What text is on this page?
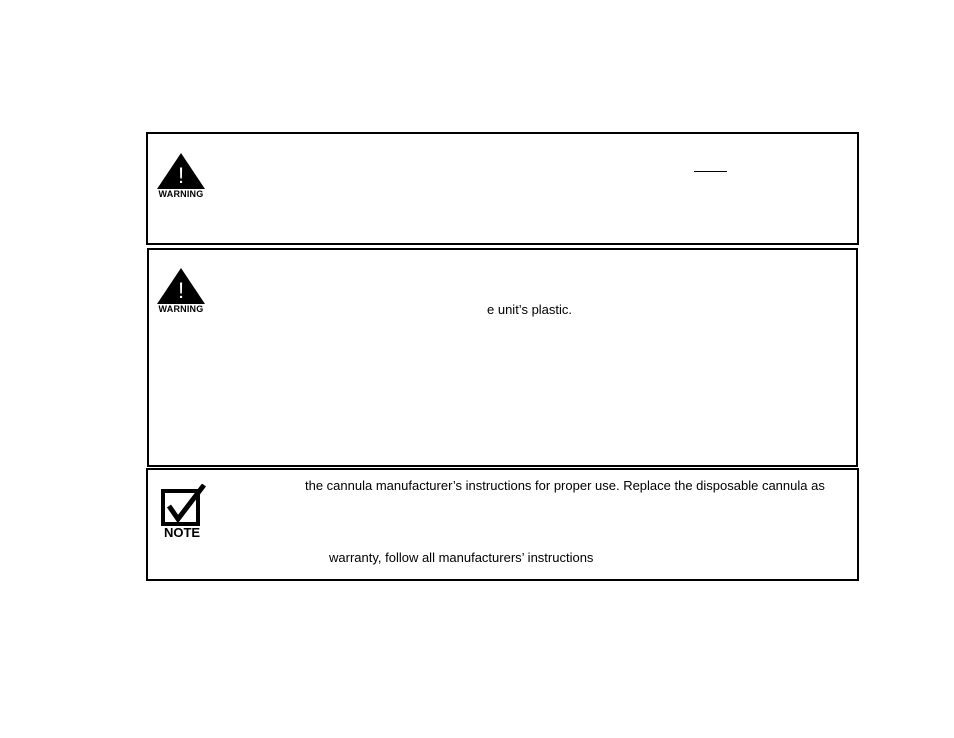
!
WARNING
!
WARNING	e unit’s plastic.
NOTE
the cannula manufacturer’s instructions for proper use. Replace the disposable cannula as
warranty, follow all manufacturers’ instructions
